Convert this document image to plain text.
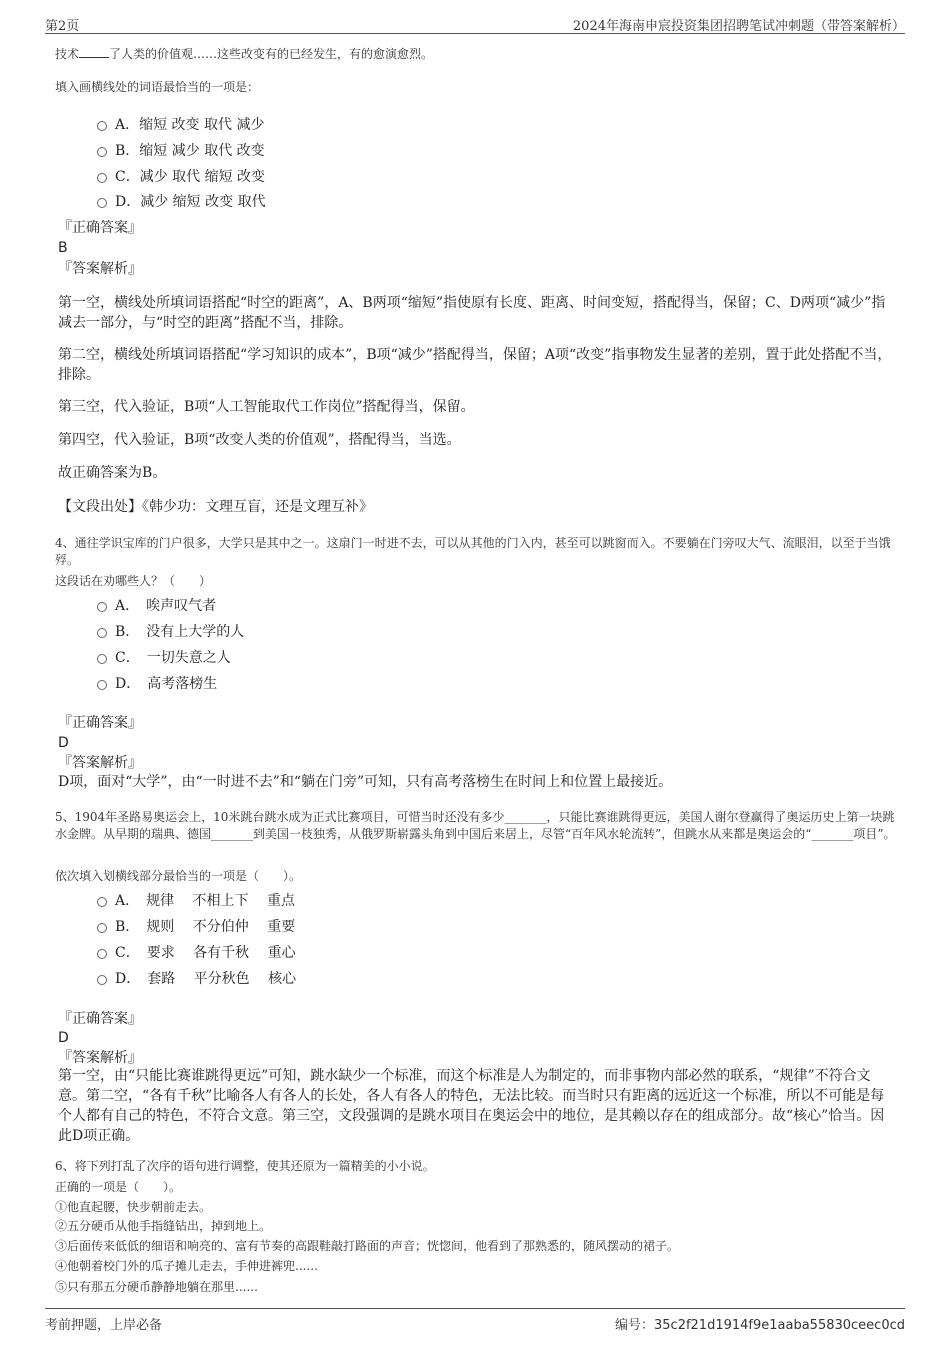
第2页	2024年海南申宸投资集团招聘笔试冲刺题（带答案解析）
技术	了人类的价值观……这些改变有的已经发生，有的愈演愈烈。
填入画横线处的词语最恰当的一项是：
A．缩短 改变 取代 减少
B．缩短 减少 取代 改变
C．减少 取代 缩短 改变
D．减少 缩短 改变 取代
『正确答案』
B
『答案解析』
第一空，横线处所填词语搭配“时空的距离”，A、B两项“缩短”指使原有长度、距离、时间变短，搭配得当，保留；C、D两项“减少”指减去一部分，与“时空的距离”搭配不当，排除。
第二空，横线处所填词语搭配“学习知识的成本”，B项“减少”搭配得当，保留；A项“改变”指事物发生显著的差别，置于此处搭配不当，排除。
第三空，代入验证，B项“人工智能取代工作岗位”搭配得当，保留。
第四空，代入验证，B项“改变人类的价值观”，搭配得当，当选。
故正确答案为B。
【文段出处】《韩少功：文理互盲，还是文理互补》
4、通往学识宝库的门户很多，大学只是其中之一。这扇门一时进不去，可以从其他的门入内，甚至可以跳窗而入。不要躺在门旁叹大气、流眼泪，以至于当饿殍。
这段话在劝哪些人？（　　）
A．　唉声叹气者
B．　没有上大学的人
C．　一切失意之人
D．　高考落榜生
『正确答案』
D
『答案解析』
D项，面对“大学”，由“一时进不去”和“躺在门旁”可知，只有高考落榜生在时间上和位置上最接近。
5、1904年圣路易奥运会上，10米跳台跳水成为正式比赛项目，可惜当时还没有多少_______，只能比赛谁跳得更远，美国人谢尔登赢得了奥运历史上第一块跳水金牌。从早期的瑞典、德国_______到美国一枝独秀，从俄罗斯崭露头角到中国后来居上，尽管“百年风水轮流转”，但跳水从来都是奥运会的“_______项目”。
依次填入划横线部分最恰当的一项是（　　）。
A．　规律　 不相上下　 重点
B．　规则　 不分伯仲　 重要
C．　要求　 各有千秋　 重心
D．　套路　 平分秋色　 核心
『正确答案』
D
『答案解析』
第一空，由“只能比赛谁跳得更远”可知，跳水缺少一个标准，而这个标准是人为制定的，而非事物内部必然的联系，“规律”不符合文意。第二空，“各有千秋”比喻各人有各人的长处，各人有各人的特色，无法比较。而当时只有距离的远近这一个标准，所以不可能是每个人都有自己的特色，不符合文意。第三空，文段强调的是跳水项目在奥运会中的地位，是其赖以存在的组成部分。故“核心”恰当。因此D项正确。
6、将下列打乱了次序的语句进行调整，使其还原为一篇精美的小小说。
正确的一项是（　　）。
①他直起腰，快步朝前走去。
②五分硬币从他手指缝钻出，掉到地上。
③后面传来低低的细语和响亮的、富有节奏的高跟鞋敲打路面的声音；恍惚间，他看到了那熟悉的，随风摆动的裙子。
④他朝着校门外的瓜子摊儿走去，手伸进裤兜......
⑤只有那五分硬币静静地躺在那里......
考前押题，上岸必备	编号：35c2f21d1914f9e1aaba55830ceec0cd
